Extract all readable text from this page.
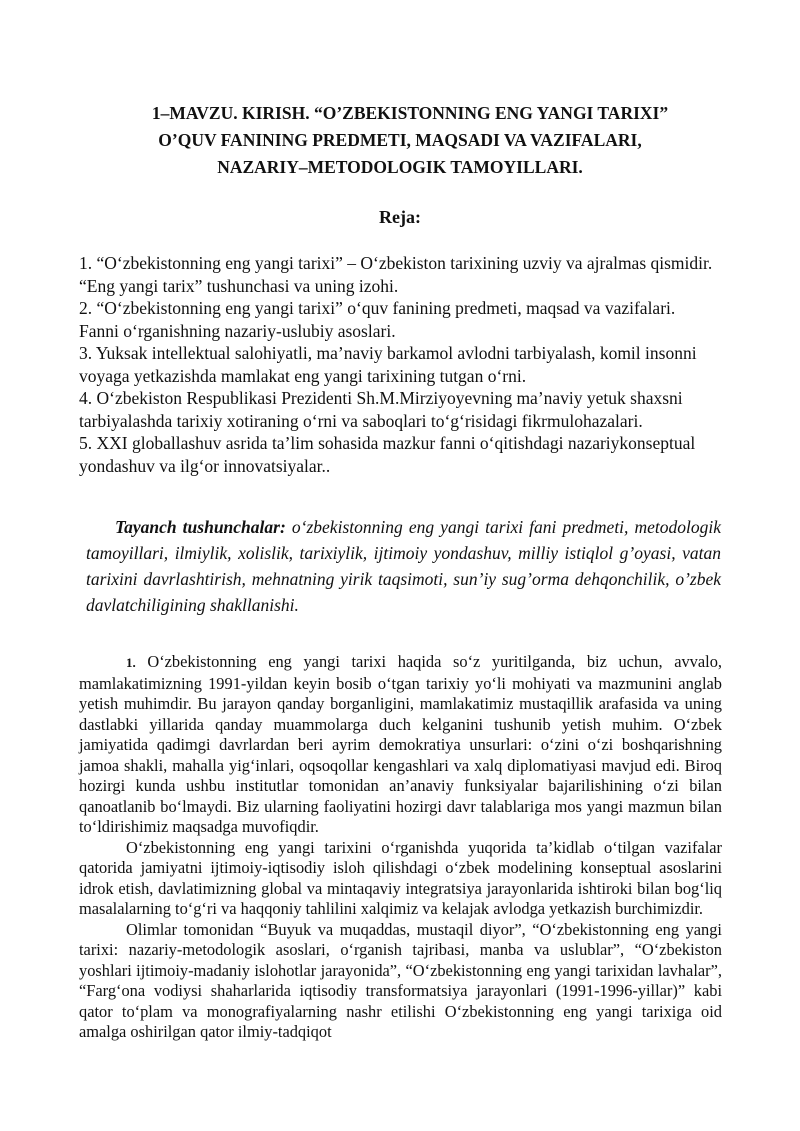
1–MAVZU. KIRISH. “O’ZBEKISTONNING ENG YANGI TARIXI”
O’QUV FANINING PREDMETI, MAQSADI VA VAZIFALARI,
NAZARIY–METODOLOGIK TAMOYILLARI.
Reja:

1. “O‘zbekistonning eng yangi tarixi” – O‘zbekiston tarixining uzviy va ajralmas qismidir. “Eng yangi tarix” tushunchasi va uning izohi.

2. “O‘zbekistonning eng yangi tarixi” o‘quv fanining predmeti, maqsad va vazifalari. Fanni o‘rganishning nazariy-uslubiy asoslari.

3. Yuksak intellektual salohiyatli, ma’naviy barkamol avlodni tarbiyalash, komil insonni voyaga yetkazishda mamlakat eng yangi tarixining tutgan o‘rni.

4. O‘zbekiston Respublikasi Prezidenti Sh.M.Mirziyoyevning ma’naviy yetuk shaxsni tarbiyalashda tarixiy xotiraning o‘rni va saboqlari to‘g‘risidagi fikrmulohazalari.

5. XXI globallashuv asrida ta’lim sohasida mazkur fanni o‘qitishdagi nazariykonseptual yondashuv va ilg‘or innovatsiyalar..

Tayanch tushunchalar: o‘zbekistonning eng yangi tarixi fani predmeti, metodologik tamoyillari, ilmiylik, xolislik, tarixiylik, ijtimoiy yondashuv, milliy istiqlol g’oyasi, vatan tarixini davrlashtirish, mehnatning yirik taqsimoti, sun’iy sug’orma dehqonchilik, o’zbek davlatchiligining shakllanishi.

1. O‘zbekistonning eng yangi tarixi haqida so‘z yuritilganda, biz uchun, avvalo, mamlakatimizning 1991-yildan keyin bosib o‘tgan tarixiy yo‘li mohiyati va mazmunini anglab yetish muhimdir. Bu jarayon qanday borganligini, mamlakatimiz mustaqillik arafasida va uning dastlabki yillarida qanday muammolarga duch kelganini tushunib yetish muhim. O‘zbek jamiyatida qadimgi davrlardan beri ayrim demokratiya unsurlari: o‘zini o‘zi boshqarishning jamoa shakli, mahalla yig‘inlari, oqsoqollar kengashlari va xalq diplomatiyasi mavjud edi. Biroq hozirgi kunda ushbu institutlar tomonidan an’anaviy funksiyalar bajarilishining o‘zi bilan qanoatlanib bo‘lmaydi. Biz ularning faoliyatini hozirgi davr talablariga mos yangi mazmun bilan to‘ldirishimiz maqsadga muvofiqdir.

O‘zbekistonning eng yangi tarixini o‘rganishda yuqorida ta’kidlab o‘tilgan vazifalar qatorida jamiyatni ijtimoiy-iqtisodiy isloh qilishdagi o‘zbek modelining konseptual asoslarini idrok etish, davlatimizning global va mintaqaviy integratsiya jarayonlarida ishtiroki bilan bog‘liq masalalarning to‘g‘ri va haqqoniy tahlilini xalqimiz va kelajak avlodga yetkazish burchimizdir.

Olimlar tomonidan “Buyuk va muqaddas, mustaqil diyor”, “O‘zbekistonning eng yangi tarixi: nazariy-metodologik asoslari, o‘rganish tajribasi, manba va uslublar”, “O‘zbekiston yoshlari ijtimoiy-madaniy islohotlar jarayonida”, “O‘zbekistonning eng yangi tarixidan lavhalar”, “Farg‘ona vodiysi shaharlarida iqtisodiy transformatsiya jarayonlari (1991-1996-yillar)” kabi qator to‘plam va monografiyalarning nashr etilishi O‘zbekistonning eng yangi tarixiga oid amalga oshirilgan qator ilmiy-tadqiqot
